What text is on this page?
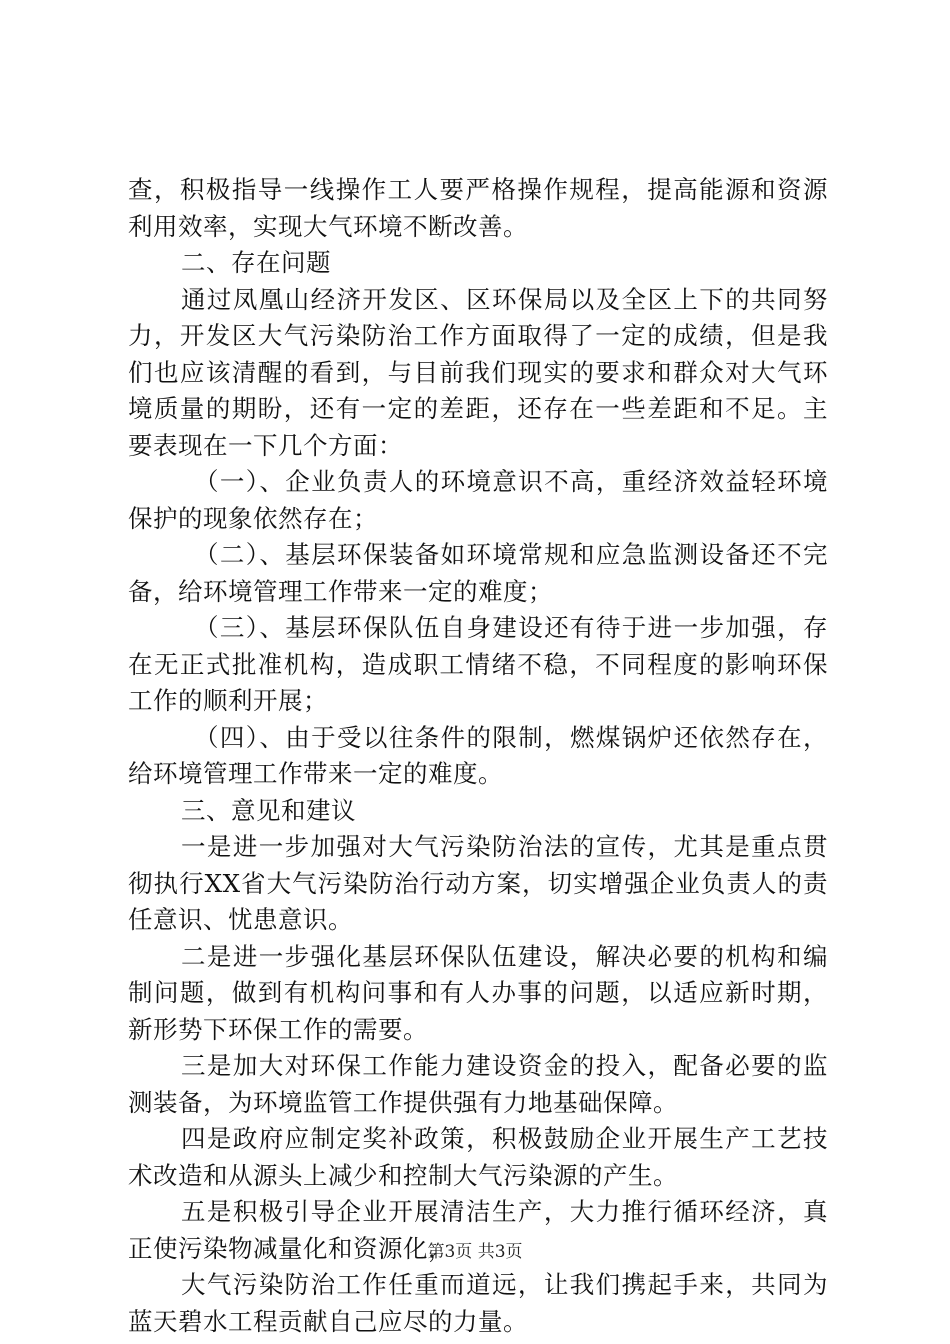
查，积极指导一线操作工人要严格操作规程，提高能源和资源
利用效率，实现大气环境不断改善。
二、存在问题
通过凤凰山经济开发区、区环保局以及全区上下的共同努
力，开发区大气污染防治工作方面取得了一定的成绩，但是我
们也应该清醒的看到，与目前我们现实的要求和群众对大气环
境质量的期盼，还有一定的差距，还存在一些差距和不足。主
要表现在一下几个方面：
（一）、企业负责人的环境意识不高，重经济效益轻环境
保护的现象依然存在；
（二）、基层环保装备如环境常规和应急监测设备还不完
备，给环境管理工作带来一定的难度；
（三）、基层环保队伍自身建设还有待于进一步加强，存
在无正式批准机构，造成职工情绪不稳，不同程度的影响环保
工作的顺利开展；
（四）、由于受以往条件的限制，燃煤锅炉还依然存在，
给环境管理工作带来一定的难度。
三、意见和建议
一是进一步加强对大气污染防治法的宣传，尤其是重点贯
彻执行XX省大气污染防治行动方案，切实增强企业负责人的责
任意识、忧患意识。
二是进一步强化基层环保队伍建设，解决必要的机构和编
制问题，做到有机构问事和有人办事的问题，以适应新时期，
新形势下环保工作的需要。
三是加大对环保工作能力建设资金的投入，配备必要的监
测装备，为环境监管工作提供强有力地基础保障。
四是政府应制定奖补政策，积极鼓励企业开展生产工艺技
术改造和从源头上减少和控制大气污染源的产生。
五是积极引导企业开展清洁生产，大力推行循环经济，真
正使污染物减量化和资源化，
大气污染防治工作任重而道远，让我们携起手来，共同为
蓝天碧水工程贡献自己应尽的力量。
第3页 共3页
